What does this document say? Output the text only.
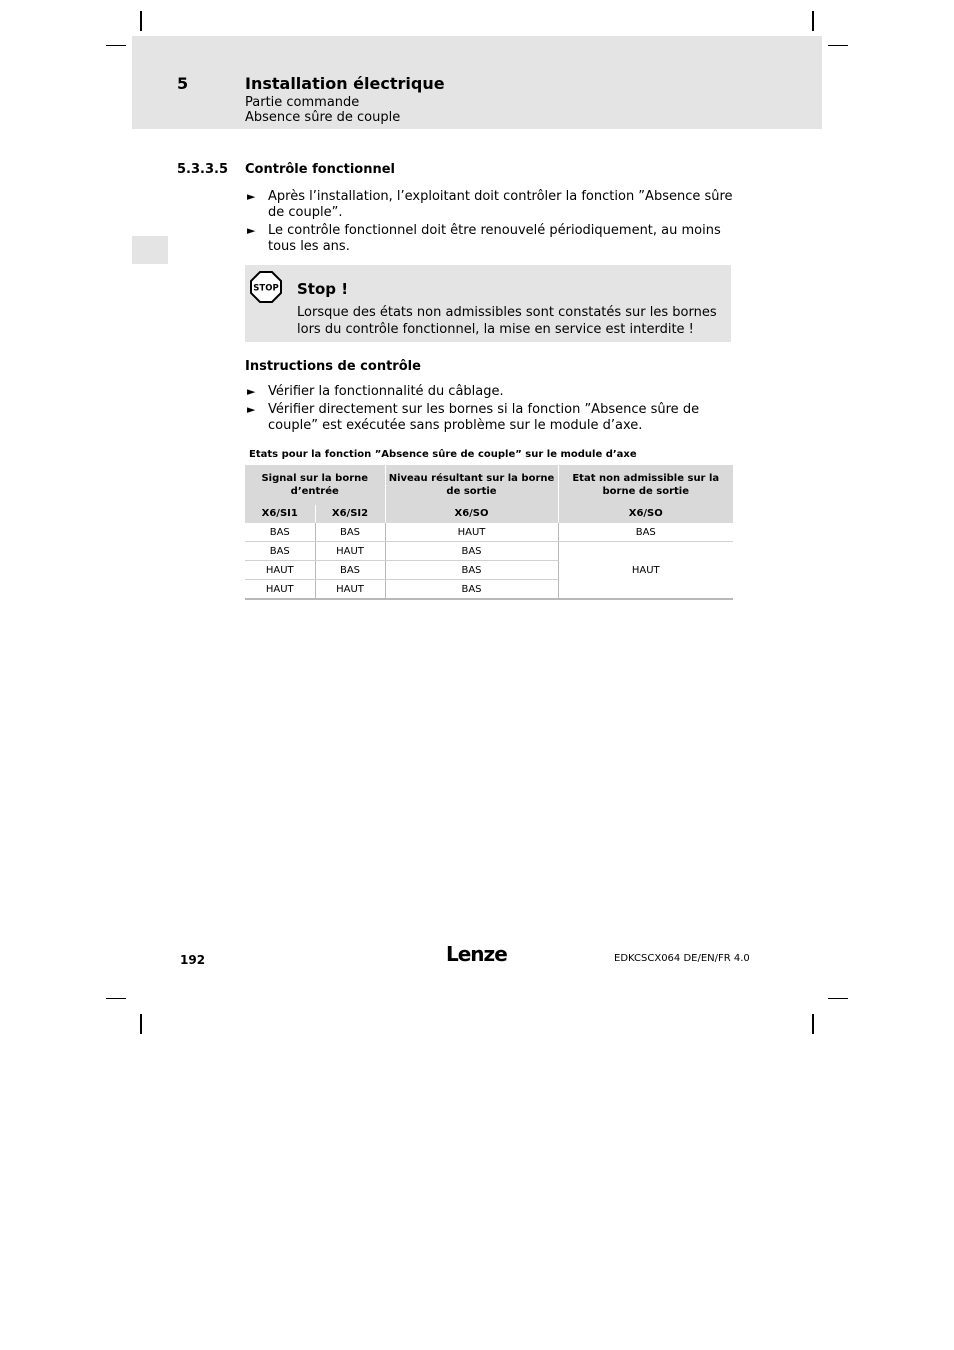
5	Installation électrique
Partie commande
Absence sûre de couple
5.3.3.5 Contrôle fonctionnel
► Après l’installation, l’exploitant doit contrôler la fonction ”Absence sûre de couple”.
► Le contrôle fonctionnel doit être renouvelé périodiquement, au moins tous les ans.
STOP Stop !
Lorsque des états non admissibles sont constatés sur les bornes lors du contrôle fonctionnel, la mise en service est interdite !
Instructions de contrôle
► Vérifier la fonctionnalité du câblage.
► Vérifier directement sur les bornes si la fonction ”Absence sûre de couple” est exécutée sans problème sur le module d’axe.
Etats pour la fonction ”Absence sûre de couple” sur le module d’axe
Signal sur la borne d’entrée		Niveau résultant sur la borne de sortie	Etat non admissible sur la borne de sortie
X6/SI1	X6/SI2	X6/SO	X6/SO
BAS	BAS	HAUT	BAS
BAS	HAUT	BAS	HAUT
HAUT	BAS	BAS	
HAUT	HAUT	BAS	
192	Lenze	EDKCSCX064 DE/EN/FR 4.0
